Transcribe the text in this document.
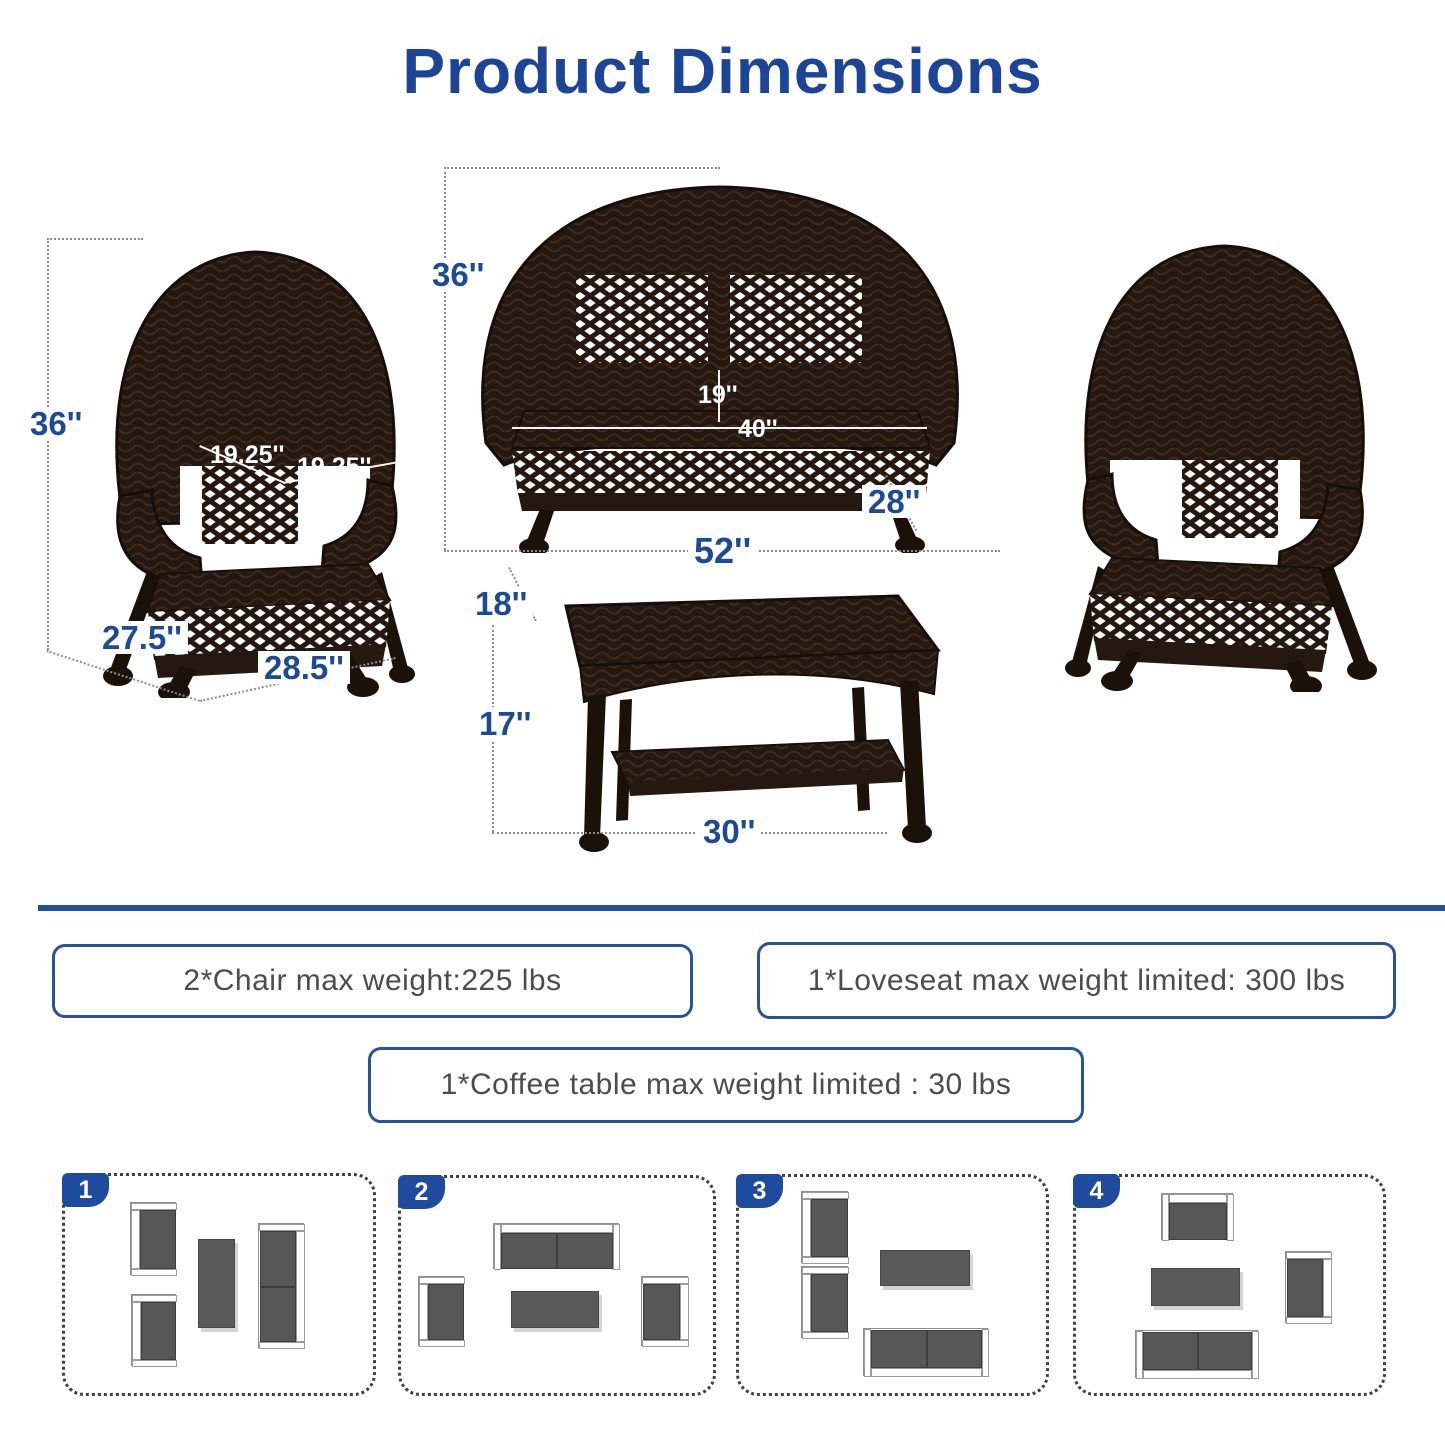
Product Dimensions
36''
19.25'' 19.25''
27.5''
28.5''
36''
19''
40''
28''
52''
18''
17''
30''
2*Chair max weight:225 lbs	1*Loveseat max weight limited: 300 lbs
1*Coffee table max weight limited : 30 lbs
1	2	3	4
